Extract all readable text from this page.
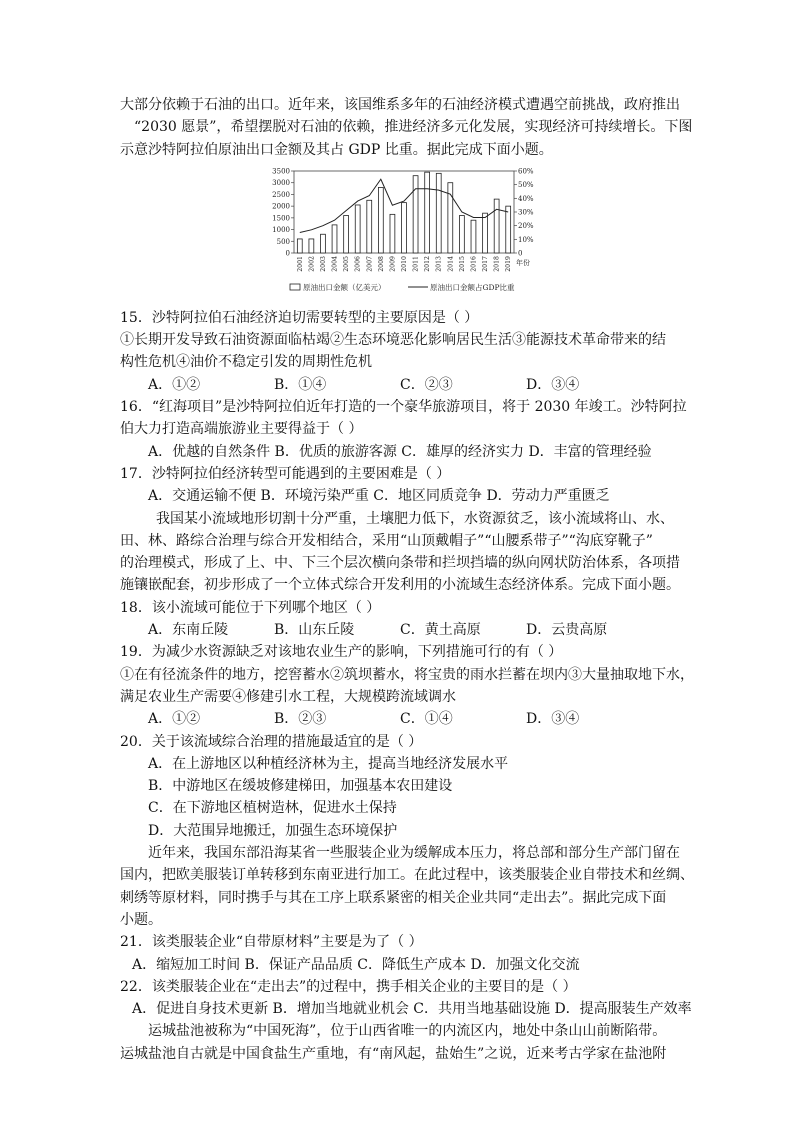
大部分依赖于石油的出口。近年来，该国维系多年的石油经济模式遭遇空前挑战，政府推出

“2030 愿景”，希望摆脱对石油的依赖，推进经济多元化发展，实现经济可持续增长。下图

示意沙特阿拉伯原油出口金额及其占 GDP 比重。据此完成下面小题。

0
500
1000
1500
2000
2500
3000
3500
0
10%
20%
30%
40%
50%
60%
2001 2002 2003 2004 2005 2006 2007 2008 2009 2010 2011 2012 2013 2014 2015 2016 2017 2018 2019 年份
原油出口金额（亿美元）	原油出口金额占GDP比重

15．沙特阿拉伯石油经济迫切需要转型的主要原因是（ ）

①长期开发导致石油资源面临枯竭②生态环境恶化影响居民生活③能源技术革命带来的结

构性危机④油价不稳定引发的周期性危机

A．①②	B．①④	C．②③	D．③④

16．“红海项目”是沙特阿拉伯近年打造的一个豪华旅游项目，将于 2030 年竣工。沙特阿拉

伯大力打造高端旅游业主要得益于（ ）

A．优越的自然条件 B．优质的旅游客源 C．雄厚的经济实力 D．丰富的管理经验

17．沙特阿拉伯经济转型可能遇到的主要困难是（ ）

A．交通运输不便 B．环境污染严重 C．地区同质竞争 D．劳动力严重匮乏

我国某小流域地形切割十分严重，土壤肥力低下，水资源贫乏，该小流域将山、水、

田、林、路综合治理与综合开发相结合，采用“山顶戴帽子”“山腰系带子”“沟底穿靴子”

的治理模式，形成了上、中、下三个层次横向条带和拦坝挡墙的纵向网状防治体系，各项措

施镶嵌配套，初步形成了一个立体式综合开发利用的小流域生态经济体系。完成下面小题。

18．该小流域可能位于下列哪个地区（ ）

A．东南丘陵	B．山东丘陵	C．黄土高原	D．云贵高原

19．为减少水资源缺乏对该地农业生产的影响，下列措施可行的有（ ）

①在有径流条件的地方，挖窖蓄水②筑坝蓄水，将宝贵的雨水拦蓄在坝内③大量抽取地下水，

满足农业生产需要④修建引水工程，大规模跨流域调水

A．①②	B．②③	C．①④	D．③④

20．关于该流域综合治理的措施最适宜的是（ ）

A．在上游地区以种植经济林为主，提高当地经济发展水平

B．中游地区在缓坡修建梯田，加强基本农田建设

C．在下游地区植树造林，促进水土保持

D．大范围异地搬迁，加强生态环境保护

近年来，我国东部沿海某省一些服装企业为缓解成本压力，将总部和部分生产部门留在

国内，把欧美服装订单转移到东南亚进行加工。在此过程中，该类服装企业自带技术和丝绸、

刺绣等原材料，同时携手与其在工序上联系紧密的相关企业共同“走出去”。据此完成下面

小题。

21．该类服装企业“自带原材料”主要是为了（ ）

A．缩短加工时间 B．保证产品品质 C．降低生产成本 D．加强文化交流

22．该类服装企业在“走出去”的过程中，携手相关企业的主要目的是（ ）

A．促进自身技术更新 B．增加当地就业机会 C．共用当地基础设施 D．提高服装生产效率

运城盐池被称为“中国死海”，位于山西省唯一的内流区内，地处中条山山前断陷带。

运城盐池自古就是中国食盐生产重地，有“南风起，盐始生”之说，近来考古学家在盐池附
